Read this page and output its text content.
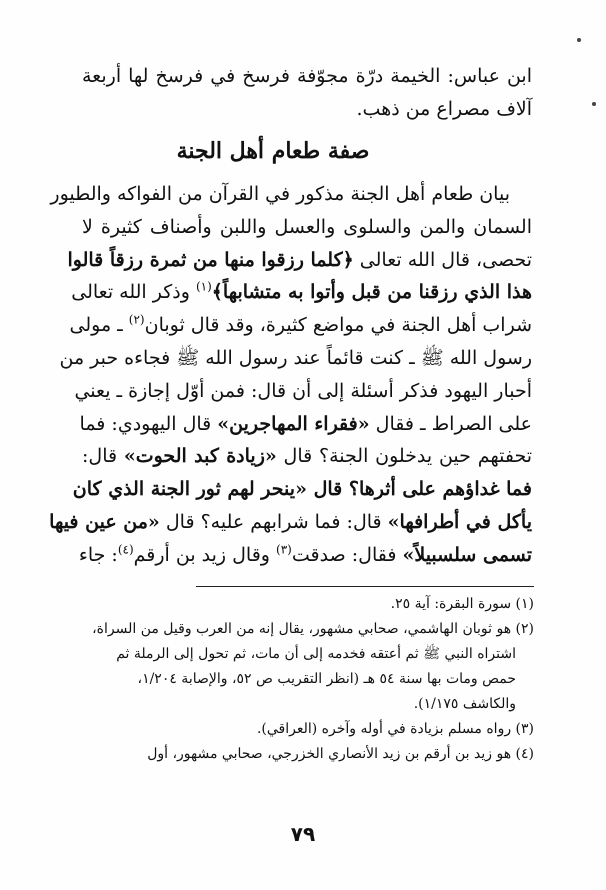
ابن عباس: الخيمة درّة مجوّفة فرسخ في فرسخ لها أربعة
آلاف مصراع من ذهب.
صفة طعام أهل الجنة
بيان طعام أهل الجنة مذكور في القرآن من الفواكه والطيور
السمان والمن والسلوى والعسل واللبن وأصناف كثيرة لا
تحصى، قال الله تعالى ﴿كلما رزقوا منها من ثمرة رزقاً قالوا
هذا الذي رزقنا من قبل وأتوا به متشابهاً﴾$^{(١)}$ وذكر الله تعالى
شراب أهل الجنة في مواضع كثيرة، وقد قال ثوبان$^{(٢)}$ ـ مولى
رسول الله ﷺ ـ كنت قائماً عند رسول الله ﷺ فجاءه حبر من
أحبار اليهود فذكر أسئلة إلى أن قال: فمن أوّل إجازة ـ يعني
على الصراط ـ فقال «فقراء المهاجرين» قال اليهودي: فما
تحفتهم حين يدخلون الجنة؟ قال «زيادة كبد الحوت» قال:
فما غداؤهم على أثرها؟ قال «ينحر لهم ثور الجنة الذي كان
يأكل في أطرافها» قال: فما شرابهم عليه؟ قال «من عين فيها
تسمى سلسبيلاً» فقال: صدقت$^{(٣)}$ وقال زيد بن أرقم$^{(٤)}$: جاء
(١) سورة البقرة: آية ٢٥.
(٢) هو ثوبان الهاشمي، صحابي مشهور، يقال إنه من العرب وقيل من السراة،
اشتراه النبي ﷺ ثم أعتقه فخدمه إلى أن مات، ثم تحول إلى الرملة ثم
حمص ومات بها سنة ٥٤ هـ (انظر التقريب ص ٥٢، والإصابة ١/٢٠٤،
والكاشف ١/١٧٥).
(٣) رواه مسلم بزيادة في أوله وآخره (العراقي).
(٤) هو زيد بن أرقم بن زيد الأنصاري الخزرجي، صحابي مشهور، أول
٧٩
